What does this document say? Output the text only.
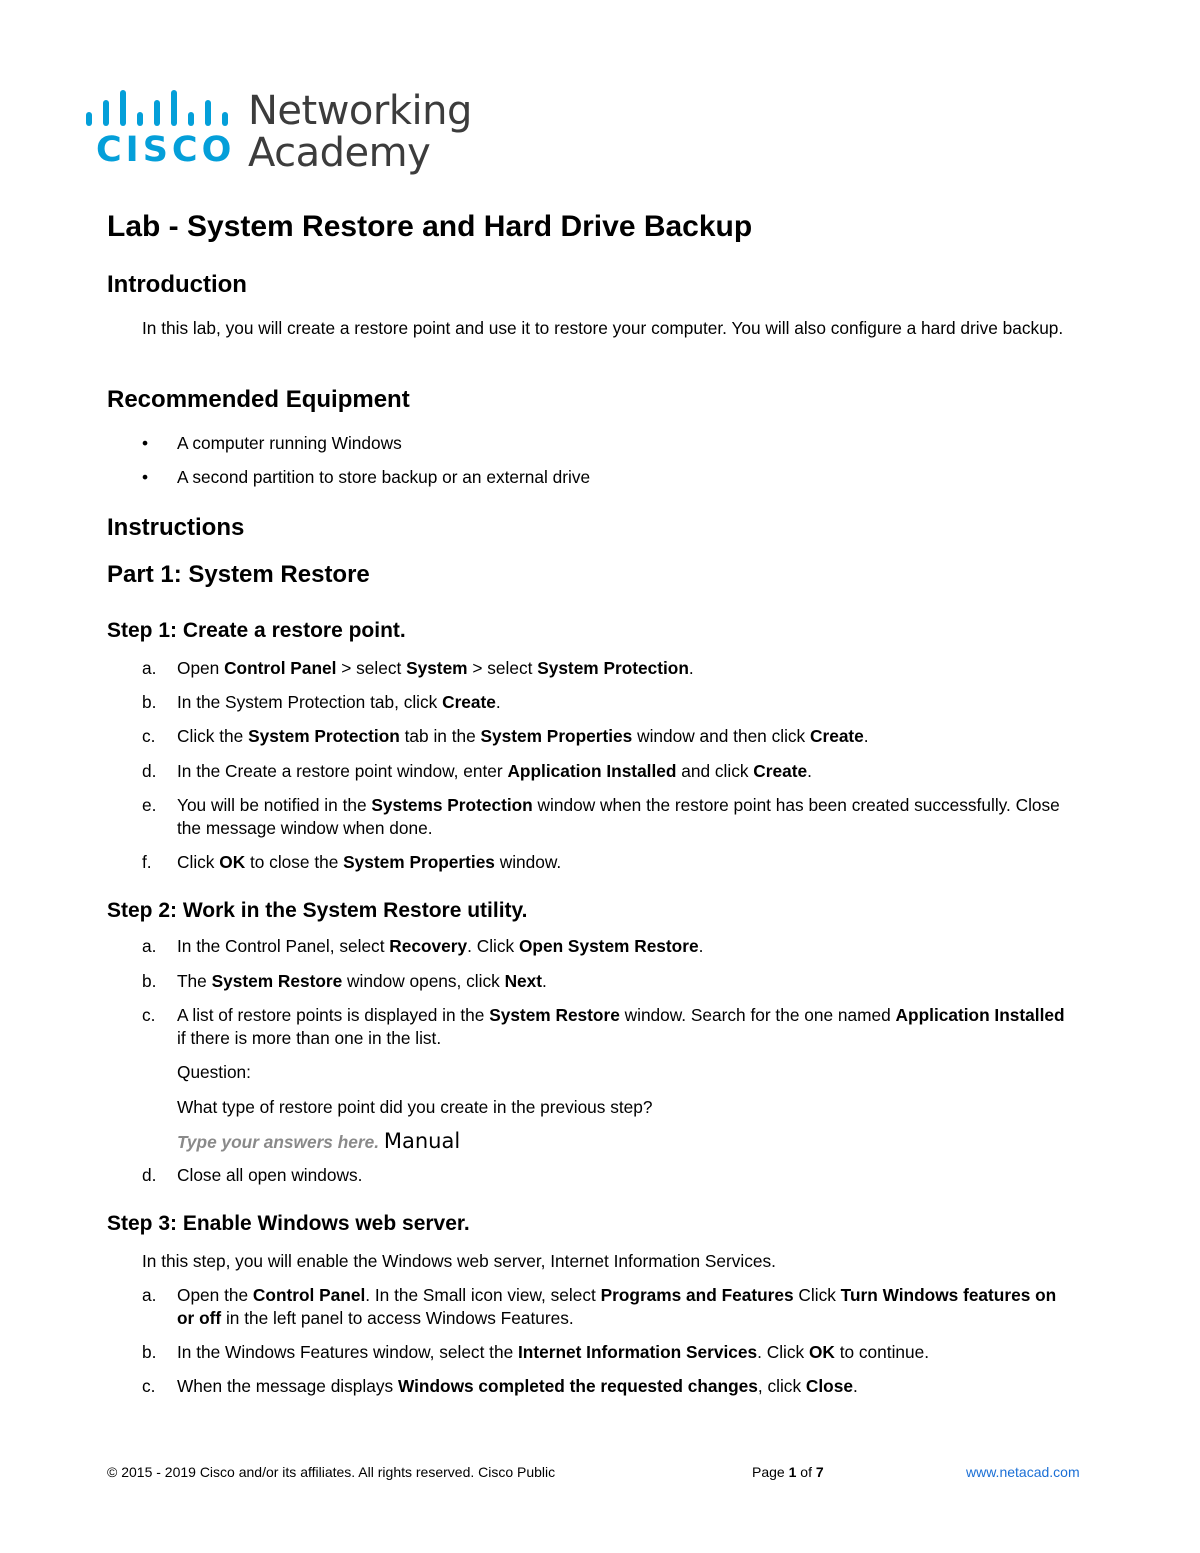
CISCO
Networking
Academy
Lab - System Restore and Hard Drive Backup
Introduction

In this lab, you will create a restore point and use it to restore your computer. You will also configure a hard drive backup.

Recommended Equipment
• A computer running Windows
• A second partition to store backup or an external drive
Instructions
Part 1: System Restore
Step 1: Create a restore point.
a. Open Control Panel > select System > select System Protection.
b. In the System Protection tab, click Create.
c. Click the System Protection tab in the System Properties window and then click Create.
d. In the Create a restore point window, enter Application Installed and click Create.
e. You will be notified in the Systems Protection window when the restore point has been created successfully. Close the message window when done.
f. Click OK to close the System Properties window.
Step 2: Work in the System Restore utility.
a. In the Control Panel, select Recovery. Click Open System Restore.
b. The System Restore window opens, click Next.
c. A list of restore points is displayed in the System Restore window. Search for the one named Application Installed if there is more than one in the list.
Question:
What type of restore point did you create in the previous step?
Type your answers here. Manual
d. Close all open windows.
Step 3: Enable Windows web server.

In this step, you will enable the Windows web server, Internet Information Services.

a. Open the Control Panel. In the Small icon view, select Programs and Features Click Turn Windows features on or off in the left panel to access Windows Features.
b. In the Windows Features window, select the Internet Information Services. Click OK to continue.
c. When the message displays Windows completed the requested changes, click Close.
© 2015 - 2019 Cisco and/or its affiliates. All rights reserved. Cisco Public	Page 1 of 7	www.netacad.com
